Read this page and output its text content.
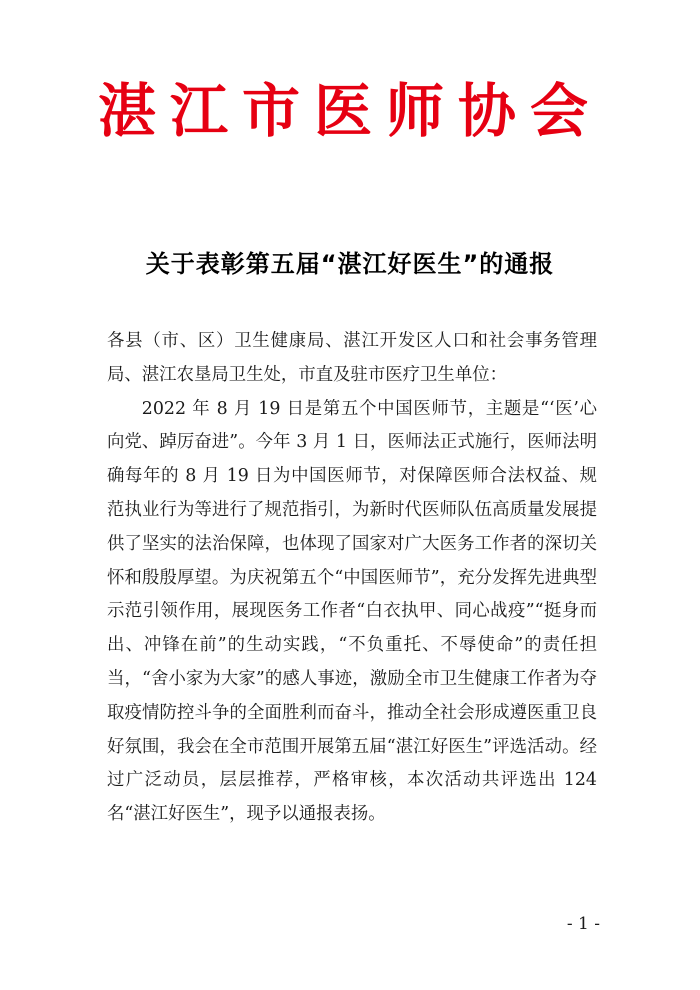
湛江市医师协会
关于表彰第五届“湛江好医生”的通报

各县（市、区）卫生健康局、湛江开发区人口和社会事务管理局、湛江农垦局卫生处，市直及驻市医疗卫生单位：

2022 年 8 月 19 日是第五个中国医师节，主题是“‘医’心向党、踔厉奋进”。今年 3 月 1 日，医师法正式施行，医师法明确每年的 8 月 19 日为中国医师节，对保障医师合法权益、规范执业行为等进行了规范指引，为新时代医师队伍高质量发展提供了坚实的法治保障，也体现了国家对广大医务工作者的深切关怀和殷殷厚望。为庆祝第五个“中国医师节”，充分发挥先进典型示范引领作用，展现医务工作者“白衣执甲、同心战疫”“挺身而出、冲锋在前”的生动实践，“不负重托、不辱使命”的责任担当，“舍小家为大家”的感人事迹，激励全市卫生健康工作者为夺取疫情防控斗争的全面胜利而奋斗，推动全社会形成遵医重卫良好氛围，我会在全市范围开展第五届“湛江好医生”评选活动。经过广泛动员，层层推荐，严格审核，本次活动共评选出 124 名“湛江好医生”，现予以通报表扬。

- 1 -
